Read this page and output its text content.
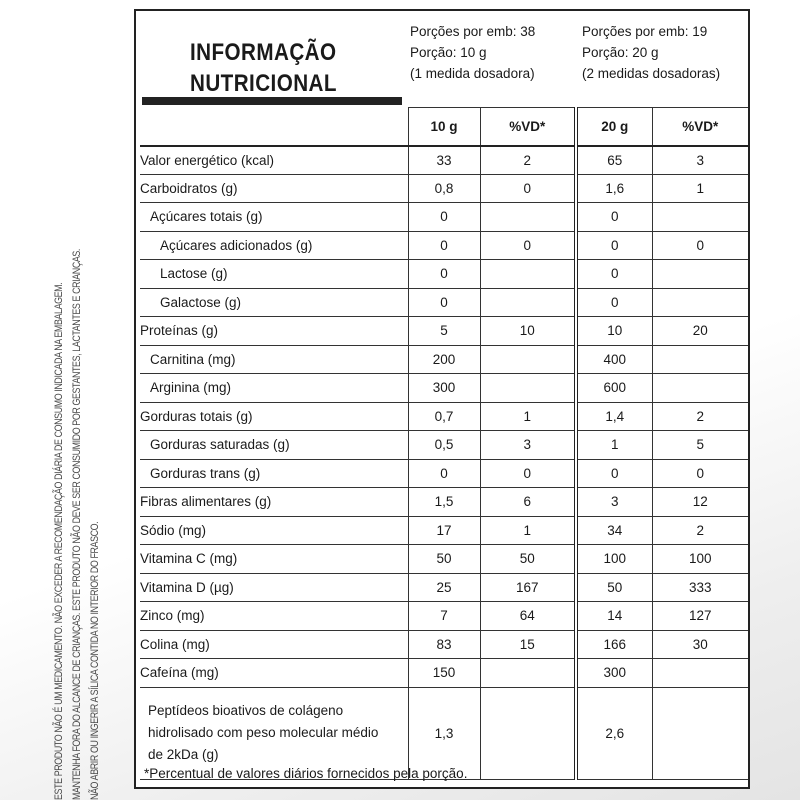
ESTE PRODUTO NÃO É UM MEDICAMENTO. NÃO EXCEDER A RECOMENDAÇÃO DIÁRIA DE CONSUMO INDICADA NA EMBALAGEM. MANTENHA FORA DO ALCANCE DE CRIANÇAS. ESTE PRODUTO NÃO DEVE SER CONSUMIDO POR GESTANTES, LACTANTES E CRIANÇAS. NÃO ABRIR OU INGERIR A SÍLICA CONTIDA NO INTERIOR DO FRASCO.
INFORMAÇÃO
NUTRICIONAL
Porções por emb: 38
Porção: 10 g
(1 medida dosadora)
Porções por emb: 19
Porção: 20 g
(2 medidas dosadoras)
	10 g	%VD*	20 g	%VD*
Valor energético (kcal)	33	2	65	3
Carboidratos (g)	0,8	0	1,6	1
Açúcares totais (g)	0		0	
Açúcares adicionados (g)	0	0	0	0
Lactose (g)	0		0	
Galactose (g)	0		0	
Proteínas (g)	5	10	10	20
Carnitina (mg)	200		400	
Arginina (mg)	300		600	
Gorduras totais (g)	0,7	1	1,4	2
Gorduras saturadas (g)	0,5	3	1	5
Gorduras trans (g)	0	0	0	0
Fibras alimentares (g)	1,5	6	3	12
Sódio (mg)	17	1	34	2
Vitamina C (mg)	50	50	100	100
Vitamina D (µg)	25	167	50	333
Zinco (mg)	7	64	14	127
Colina (mg)	83	15	166	30
Cafeína (mg)	150		300	
Peptídeos bioativos de colágeno hidrolisado com peso molecular médio de 2kDa (g)	1,3		2,6	
*Percentual de valores diários fornecidos pela porção.
